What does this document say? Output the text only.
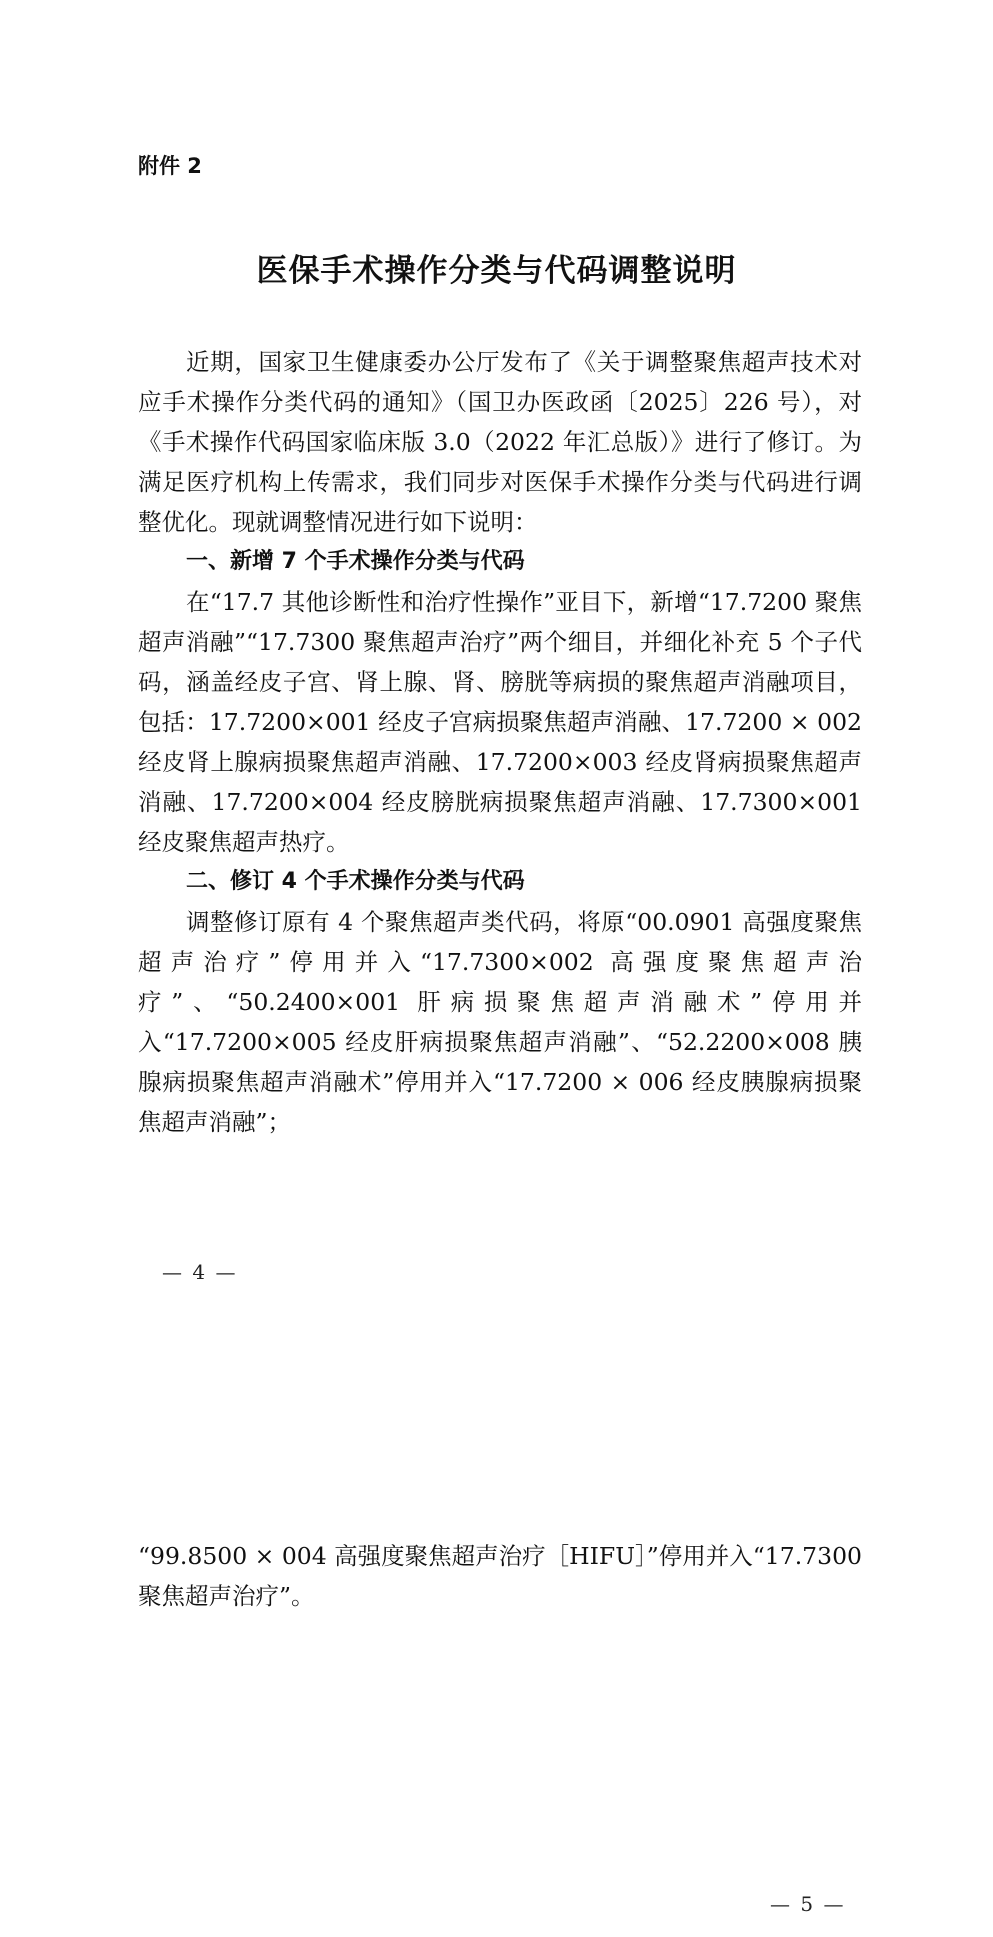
附件 2
医保手术操作分类与代码调整说明

近期，国家卫生健康委办公厅发布了《关于调整聚焦超声技术对应手术操作分类代码的通知》（国卫办医政函〔2025〕226 号），对《手术操作代码国家临床版 3.0（2022 年汇总版）》进行了修订。为满足医疗机构上传需求，我们同步对医保手术操作分类与代码进行调整优化。现就调整情况进行如下说明：

一、新增 7 个手术操作分类与代码

在“17.7 其他诊断性和治疗性操作”亚目下，新增“17.7200 聚焦超声消融”“17.7300 聚焦超声治疗”两个细目，并细化补充 5 个子代码，涵盖经皮子宫、肾上腺、肾、膀胱等病损的聚焦超声消融项目，包括：17.7200×001 经皮子宫病损聚焦超声消融、17.7200 × 002 经皮肾上腺病损聚焦超声消融、17.7200×003 经皮肾病损聚焦超声消融、17.7200×004 经皮膀胱病损聚焦超声消融、17.7300×001 经皮聚焦超声热疗。

二、修订 4 个手术操作分类与代码

调整修订原有 4 个聚焦超声类代码，将原“00.0901 高强度聚焦超声治疗”停用并入“17.7300×002 高强度聚焦超声治疗”、“50.2400×001 肝病损聚焦超声消融术”停用并入“17.7200×005 经皮肝病损聚焦超声消融”、“52.2200×008 胰腺病损聚焦超声消融术”停用并入“17.7200 × 006 经皮胰腺病损聚焦超声消融”；

— 4 —

“99.8500 × 004 高强度聚焦超声治疗［HIFU］”停用并入“17.7300 聚焦超声治疗”。

— 5 —
